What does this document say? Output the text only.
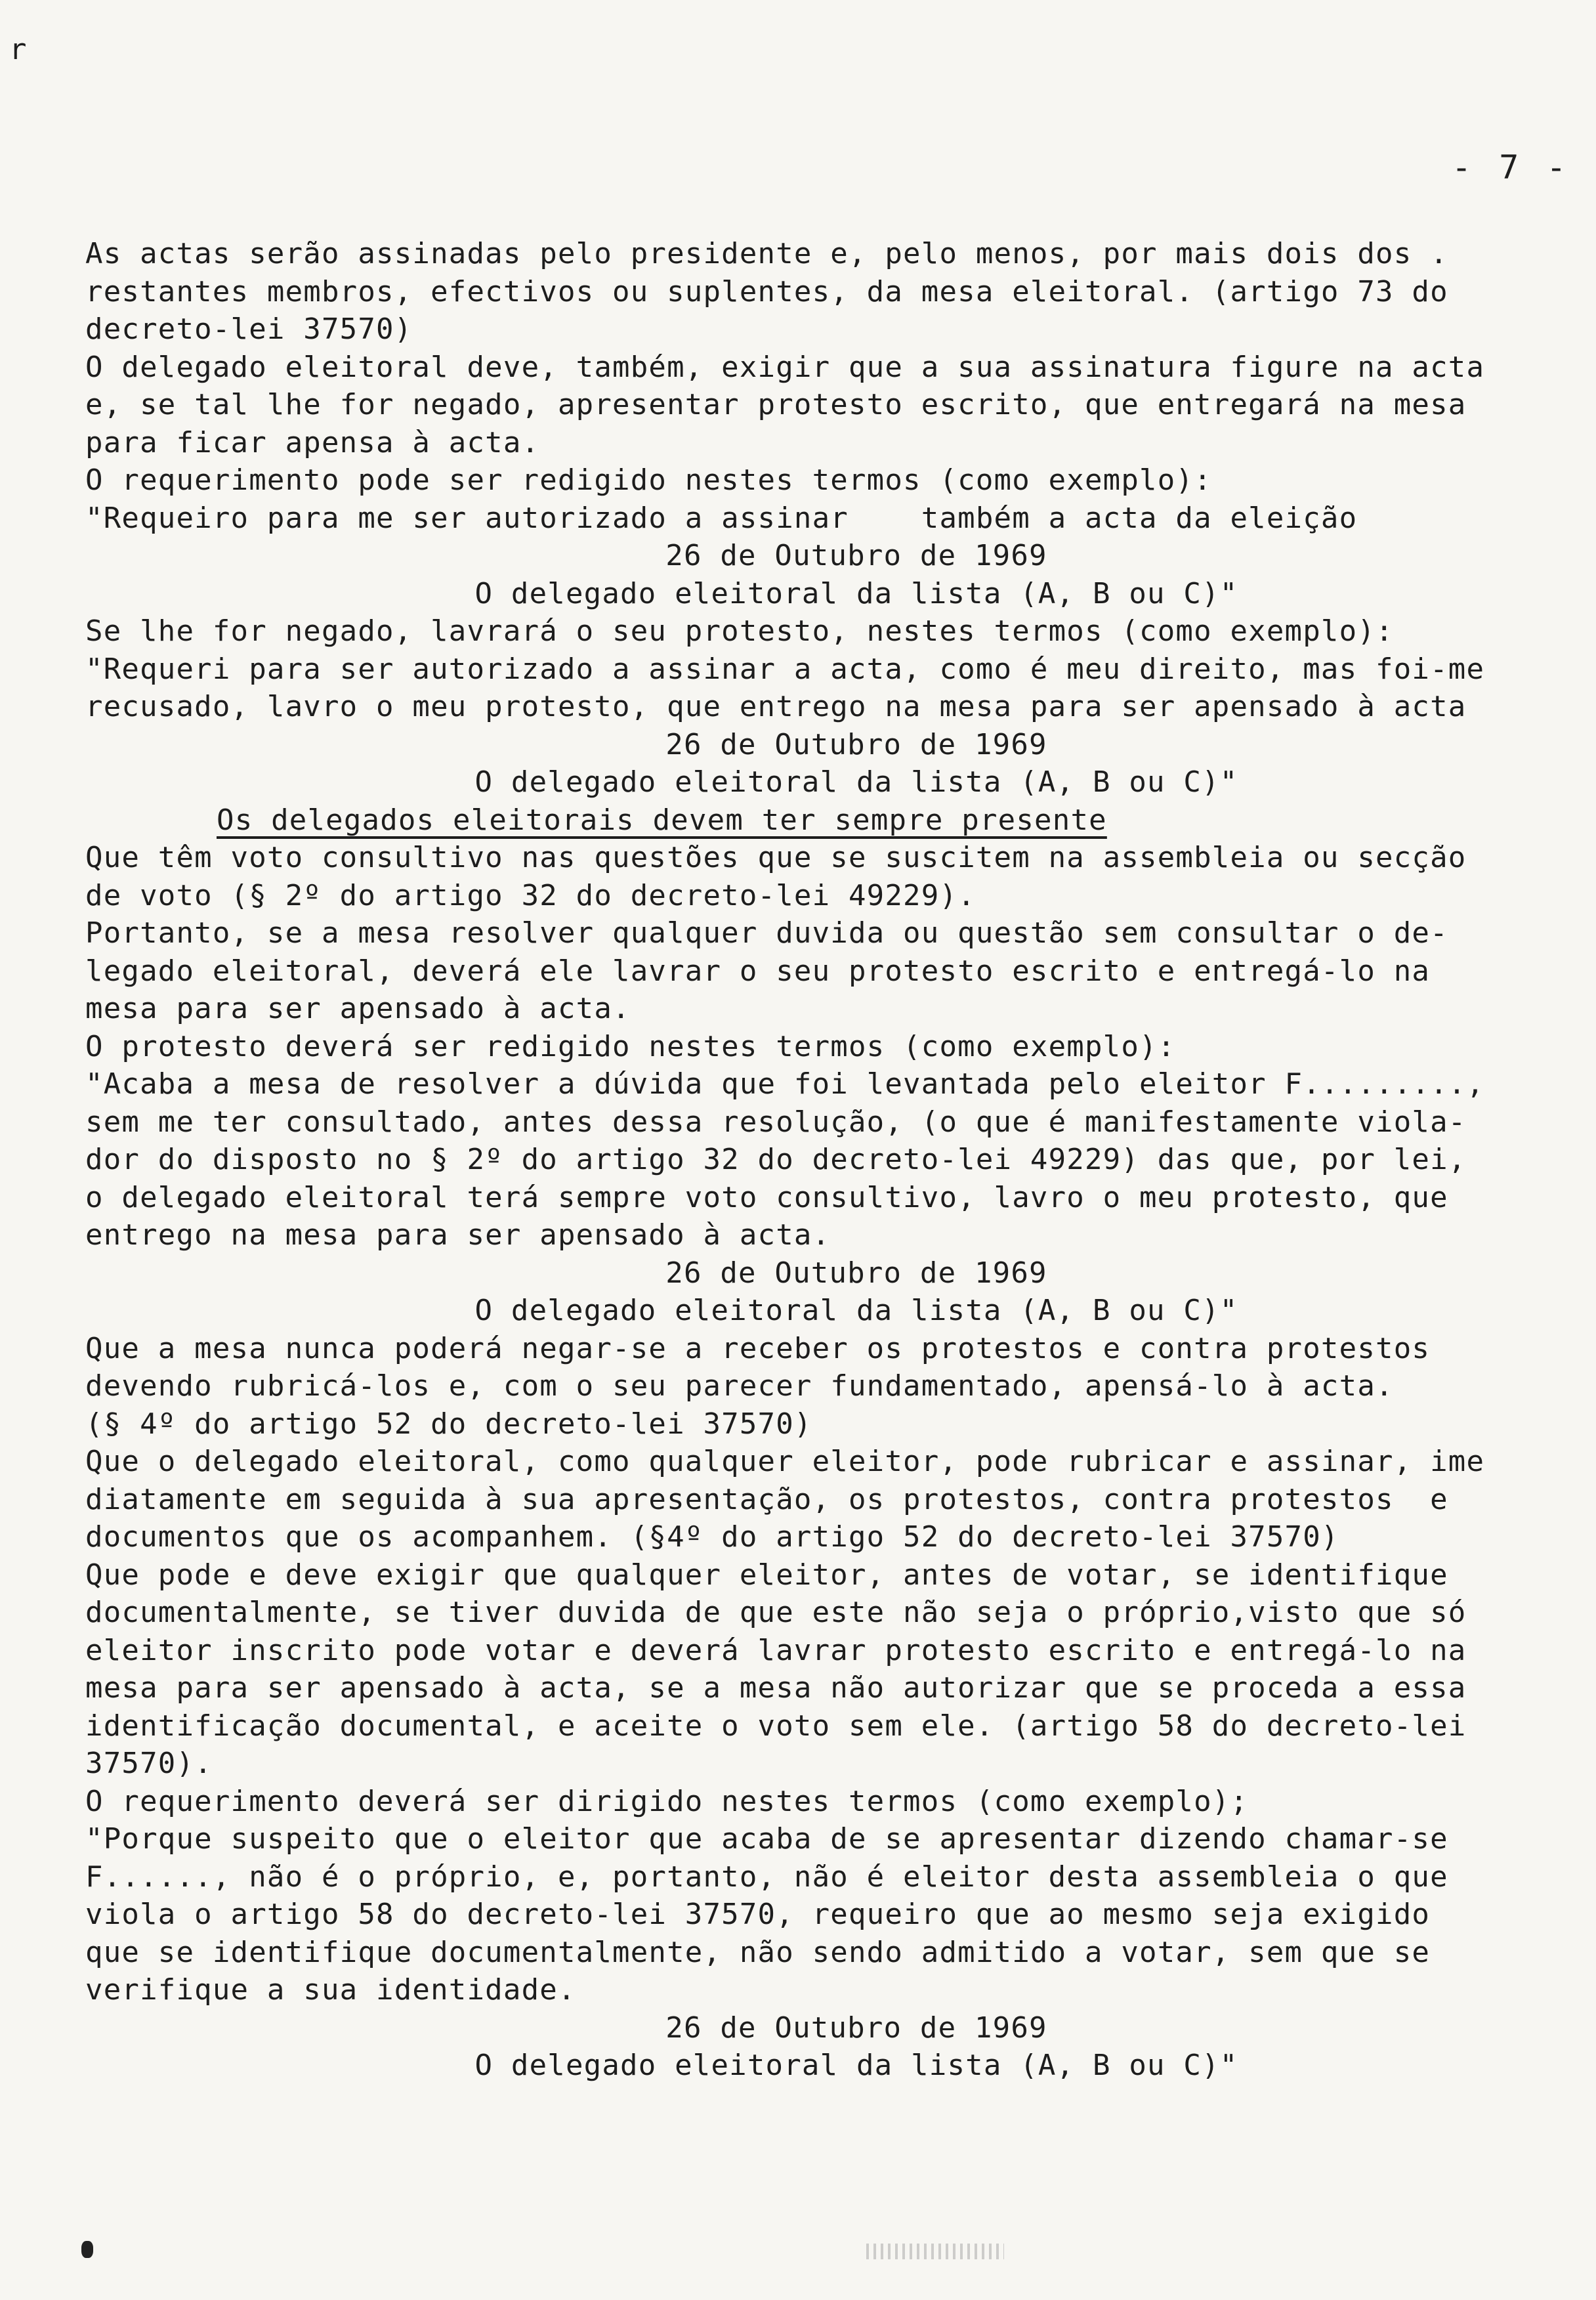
r
- 7 -
As actas serão assinadas pelo presidente e, pelo menos, por mais dois dos .
restantes membros, efectivos ou suplentes, da mesa eleitoral. (artigo 73 do
decreto-lei 37570)
O delegado eleitoral deve, também, exigir que a sua assinatura figure na acta
e, se tal lhe for negado, apresentar protesto escrito, que entregará na mesa
para ficar apensa à acta.
O requerimento pode ser redigido nestes termos (como exemplo):
"Requeiro para me ser autorizado a assinar    também a acta da eleição
26 de Outubro de 1969
O delegado eleitoral da lista (A, B ou C)"
Se lhe for negado, lavrará o seu protesto, nestes termos (como exemplo):
"Requeri para ser autorizado a assinar a acta, como é meu direito, mas foi-me
recusado, lavro o meu protesto, que entrego na mesa para ser apensado à acta
26 de Outubro de 1969
O delegado eleitoral da lista (A, B ou C)"
Os delegados eleitorais devem ter sempre presente
Que têm voto consultivo nas questões que se suscitem na assembleia ou secção
de voto (§ 2º do artigo 32 do decreto-lei 49229).
Portanto, se a mesa resolver qualquer duvida ou questão sem consultar o de-
legado eleitoral, deverá ele lavrar o seu protesto escrito e entregá-lo na
mesa para ser apensado à acta.
O protesto deverá ser redigido nestes termos (como exemplo):
"Acaba a mesa de resolver a dúvida que foi levantada pelo eleitor F.........,
sem me ter consultado, antes dessa resolução, (o que é manifestamente viola-
dor do disposto no § 2º do artigo 32 do decreto-lei 49229) das que, por lei,
o delegado eleitoral terá sempre voto consultivo, lavro o meu protesto, que
entrego na mesa para ser apensado à acta.
26 de Outubro de 1969
O delegado eleitoral da lista (A, B ou C)"
Que a mesa nunca poderá negar-se a receber os protestos e contra protestos
devendo rubricá-los e, com o seu parecer fundamentado, apensá-lo à acta.
(§ 4º do artigo 52 do decreto-lei 37570)
Que o delegado eleitoral, como qualquer eleitor, pode rubricar e assinar, ime
diatamente em seguida à sua apresentação, os protestos, contra protestos  e
documentos que os acompanhem. (§4º do artigo 52 do decreto-lei 37570)
Que pode e deve exigir que qualquer eleitor, antes de votar, se identifique
documentalmente, se tiver duvida de que este não seja o próprio,visto que só
eleitor inscrito pode votar e deverá lavrar protesto escrito e entregá-lo na
mesa para ser apensado à acta, se a mesa não autorizar que se proceda a essa
identificação documental, e aceite o voto sem ele. (artigo 58 do decreto-lei
37570).
O requerimento deverá ser dirigido nestes termos (como exemplo);
"Porque suspeito que o eleitor que acaba de se apresentar dizendo chamar-se
F......, não é o próprio, e, portanto, não é eleitor desta assembleia o que
viola o artigo 58 do decreto-lei 37570, requeiro que ao mesmo seja exigido
que se identifique documentalmente, não sendo admitido a votar, sem que se
verifique a sua identidade.
26 de Outubro de 1969
O delegado eleitoral da lista (A, B ou C)"
